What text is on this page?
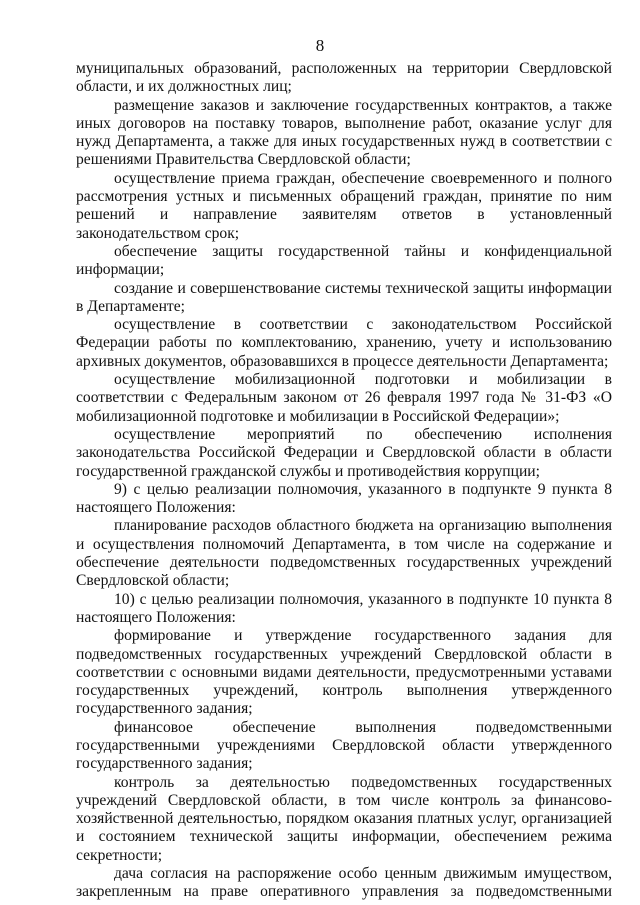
8

муниципальных образований, расположенных на территории Свердловской области, и их должностных лиц;

размещение заказов и заключение государственных контрактов, а также иных договоров на поставку товаров, выполнение работ, оказание услуг для нужд Департамента, а также для иных государственных нужд в соответствии с решениями Правительства Свердловской области;

осуществление приема граждан, обеспечение своевременного и полного рассмотрения устных и письменных обращений граждан, принятие по ним решений и направление заявителям ответов в установленный законодательством срок;

обеспечение защиты государственной тайны и конфиденциальной информации;

создание и совершенствование системы технической защиты информации в Департаменте;

осуществление в соответствии с законодательством Российской Федерации работы по комплектованию, хранению, учету и использованию архивных документов, образовавшихся в процессе деятельности Департамента;

осуществление мобилизационной подготовки и мобилизации в соответствии с Федеральным законом от 26 февраля 1997 года № 31-ФЗ «О мобилизационной подготовке и мобилизации в Российской Федерации»;

осуществление мероприятий по обеспечению исполнения законодательства Российской Федерации и Свердловской области в области государственной гражданской службы и противодействия коррупции;

9) с целью реализации полномочия, указанного в подпункте 9 пункта 8 настоящего Положения:

планирование расходов областного бюджета на организацию выполнения и осуществления полномочий Департамента, в том числе на содержание и обеспечение деятельности подведомственных государственных учреждений Свердловской области;

10) с целью реализации полномочия, указанного в подпункте 10 пункта 8 настоящего Положения:

формирование и утверждение государственного задания для подведомственных государственных учреждений Свердловской области в соответствии с основными видами деятельности, предусмотренными уставами государственных учреждений, контроль выполнения утвержденного государственного задания;

финансовое обеспечение выполнения подведомственными государственными учреждениями Свердловской области утвержденного государственного задания;

контроль за деятельностью подведомственных государственных учреждений Свердловской области, в том числе контроль за финансово-хозяйственной деятельностью, порядком оказания платных услуг, организацией и состоянием технической защиты информации, обеспечением режима секретности;

дача согласия на распоряжение особо ценным движимым имуществом, закрепленным на праве оперативного управления за подведомственными
